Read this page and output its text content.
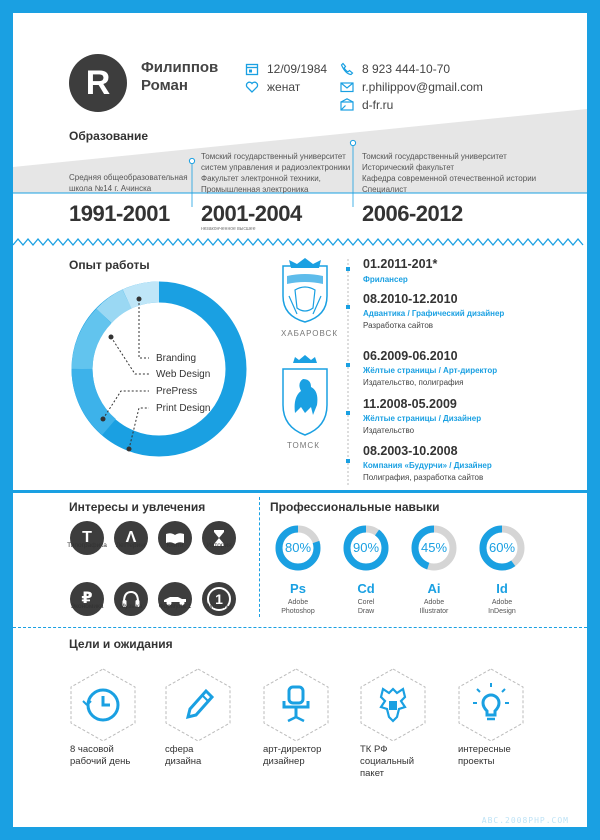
R	Филиппов
Роман
12/09/1984
женат
8 923 444-10-70
r.philippov@gmail.com
d-fr.ru
Образование
Средняя общеобразовательная
школа №14 г. Ачинска
Томский государственный университет
систем управления и радиоэлектроники
Факультет электронной техники,
Промышленная электроника
Томский государственный университет
Исторический факультет
Кафедра современной отечественной истории
Специалист
1991-2001 2001-2004
незаконченное высшее
2006-2012
Опыт работы
Branding
Web Design
PrePress
Print Design
ХАБАРОВСК
ТОМСК
01.2011-201*
Фрилансер
08.2010-12.2010
Адвантика / Графический дизайнер
Разработка сайтов
06.2009-06.2010
Жёлтые страницы / Арт-директор
Издательство, полиграфия
11.2008-05.2009
Жёлтые страницы / Дизайнер
Издательство
08.2003-10.2008
Компания «Будурчи» / Дизайнер
Полиграфия, разработка сайтов
Интересы и увлечения
T
Типографика	Λ
Леттеринг	Книги	История
₽
Экономика	Музыка	Формула 1	1
Монеты
Профессиональные навыки
80%
Ps
Adobe
Photoshop
90%
Cd
Corel
Draw
45%
Ai
Adobe
Illustrator
60%
Id
Adobe
InDesign
Цели и ожидания
8 часовой
рабочий день
сфера
дизайна
арт-директор
дизайнер
ТК РФ
социальный
пакет
интересные
проекты
ABC.2008PHP.COM
